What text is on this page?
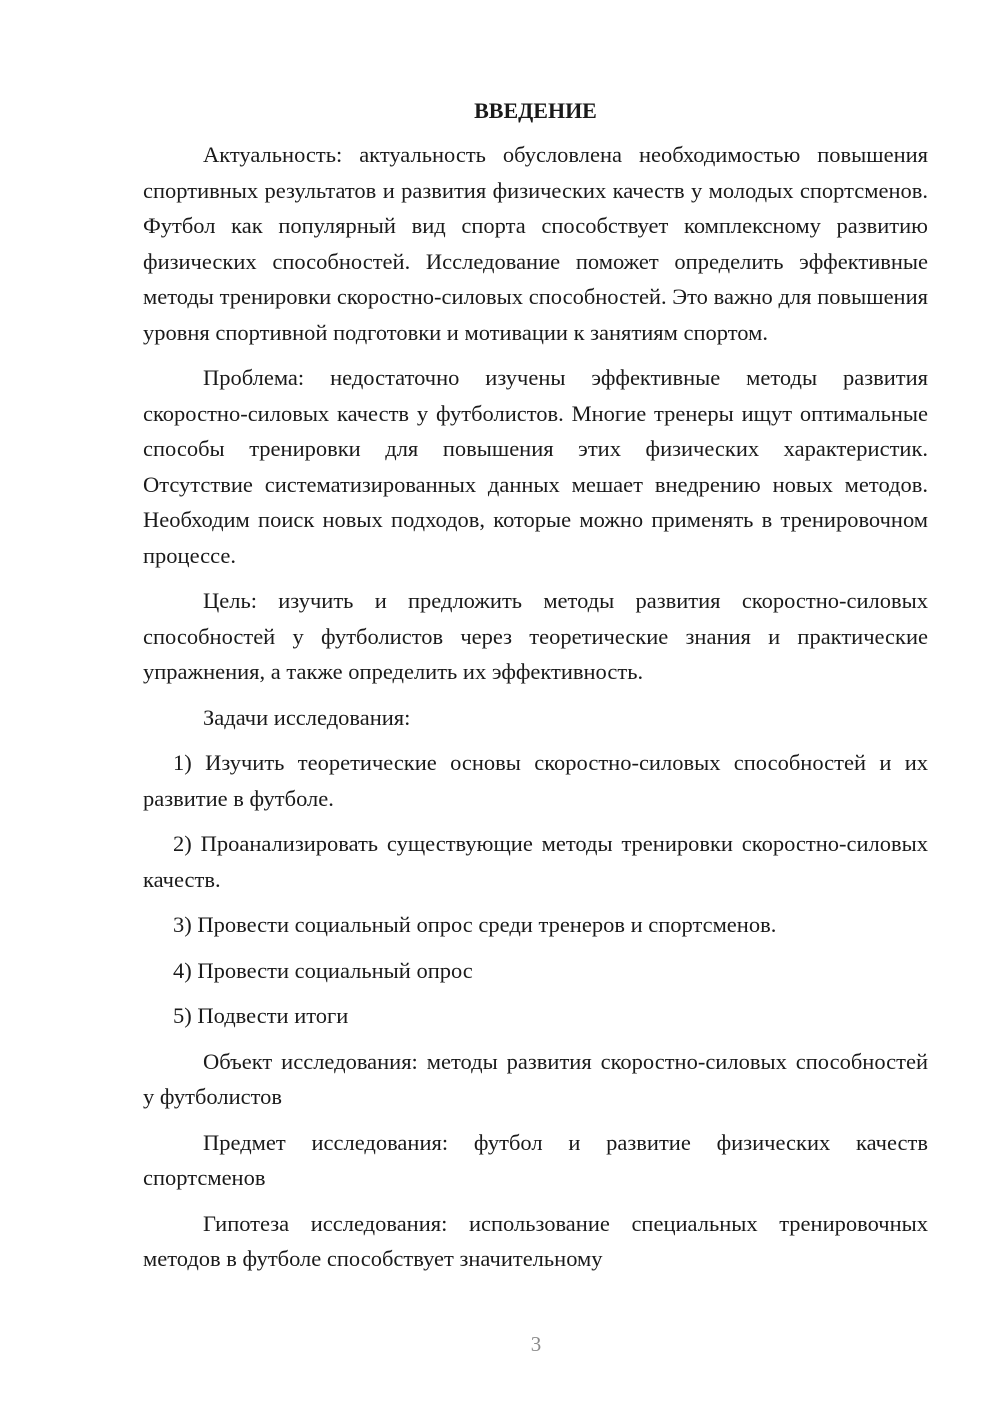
ВВЕДЕНИЕ

Актуальность: актуальность обусловлена необходимостью повышения спортивных результатов и развития физических качеств у молодых спортсменов. Футбол как популярный вид спорта способствует комплексному развитию физических способностей. Исследование поможет определить эффективные методы тренировки скоростно-силовых способностей. Это важно для повышения уровня спортивной подготовки и мотивации к занятиям спортом.

Проблема: недостаточно изучены эффективные методы развития скоростно-силовых качеств у футболистов. Многие тренеры ищут оптимальные способы тренировки для повышения этих физических характеристик. Отсутствие систематизированных данных мешает внедрению новых методов. Необходим поиск новых подходов, которые можно применять в тренировочном процессе.

Цель: изучить и предложить методы развития скоростно-силовых способностей у футболистов через теоретические знания и практические упражнения, а также определить их эффективность.

Задачи исследования:

1) Изучить теоретические основы скоростно-силовых способностей и их развитие в футболе.

2) Проанализировать существующие методы тренировки скоростно-силовых качеств.

3) Провести социальный опрос среди тренеров и спортсменов.

4) Провести социальный опрос

5) Подвести итоги

Объект исследования: методы развития скоростно-силовых способностей у футболистов

Предмет исследования: футбол и развитие физических качеств спортсменов

Гипотеза исследования: использование специальных тренировочных методов в футболе способствует значительному

3
